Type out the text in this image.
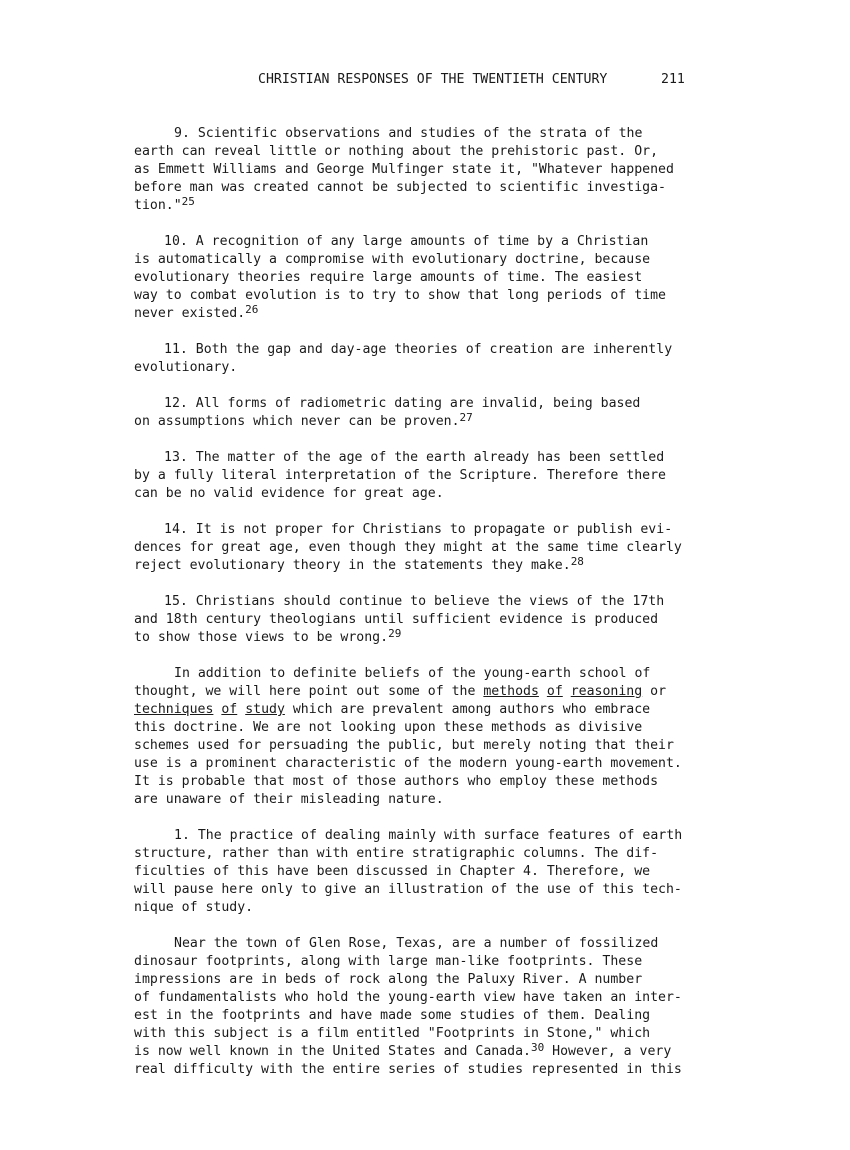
CHRISTIAN RESPONSES OF THE TWENTIETH CENTURY	211
9. Scientific observations and studies of the strata of the
earth can reveal little or nothing about the prehistoric past. Or,
as Emmett Williams and George Mulfinger state it, "Whatever happened
before man was created cannot be subjected to scientific investiga-
tion."$^{25}$
10. A recognition of any large amounts of time by a Christian
is automatically a compromise with evolutionary doctrine, because
evolutionary theories require large amounts of time. The easiest
way to combat evolution is to try to show that long periods of time
never existed.$^{26}$
11. Both the gap and day-age theories of creation are inherently
evolutionary.
12. All forms of radiometric dating are invalid, being based
on assumptions which never can be proven.$^{27}$
13. The matter of the age of the earth already has been settled
by a fully literal interpretation of the Scripture. Therefore there
can be no valid evidence for great age.
14. It is not proper for Christians to propagate or publish evi-
dences for great age, even though they might at the same time clearly
reject evolutionary theory in the statements they make.$^{28}$
15. Christians should continue to believe the views of the 17th
and 18th century theologians until sufficient evidence is produced
to show those views to be wrong.$^{29}$
In addition to definite beliefs of the young-earth school of
thought, we will here point out some of the methods of reasoning or
techniques of study which are prevalent among authors who embrace
this doctrine. We are not looking upon these methods as divisive
schemes used for persuading the public, but merely noting that their
use is a prominent characteristic of the modern young-earth movement.
It is probable that most of those authors who employ these methods
are unaware of their misleading nature.
1. The practice of dealing mainly with surface features of earth
structure, rather than with entire stratigraphic columns. The dif-
ficulties of this have been discussed in Chapter 4. Therefore, we
will pause here only to give an illustration of the use of this tech-
nique of study.
Near the town of Glen Rose, Texas, are a number of fossilized
dinosaur footprints, along with large man-like footprints. These
impressions are in beds of rock along the Paluxy River. A number
of fundamentalists who hold the young-earth view have taken an inter-
est in the footprints and have made some studies of them. Dealing
with this subject is a film entitled "Footprints in Stone," which
is now well known in the United States and Canada.$^{30}$ However, a very
real difficulty with the entire series of studies represented in this
